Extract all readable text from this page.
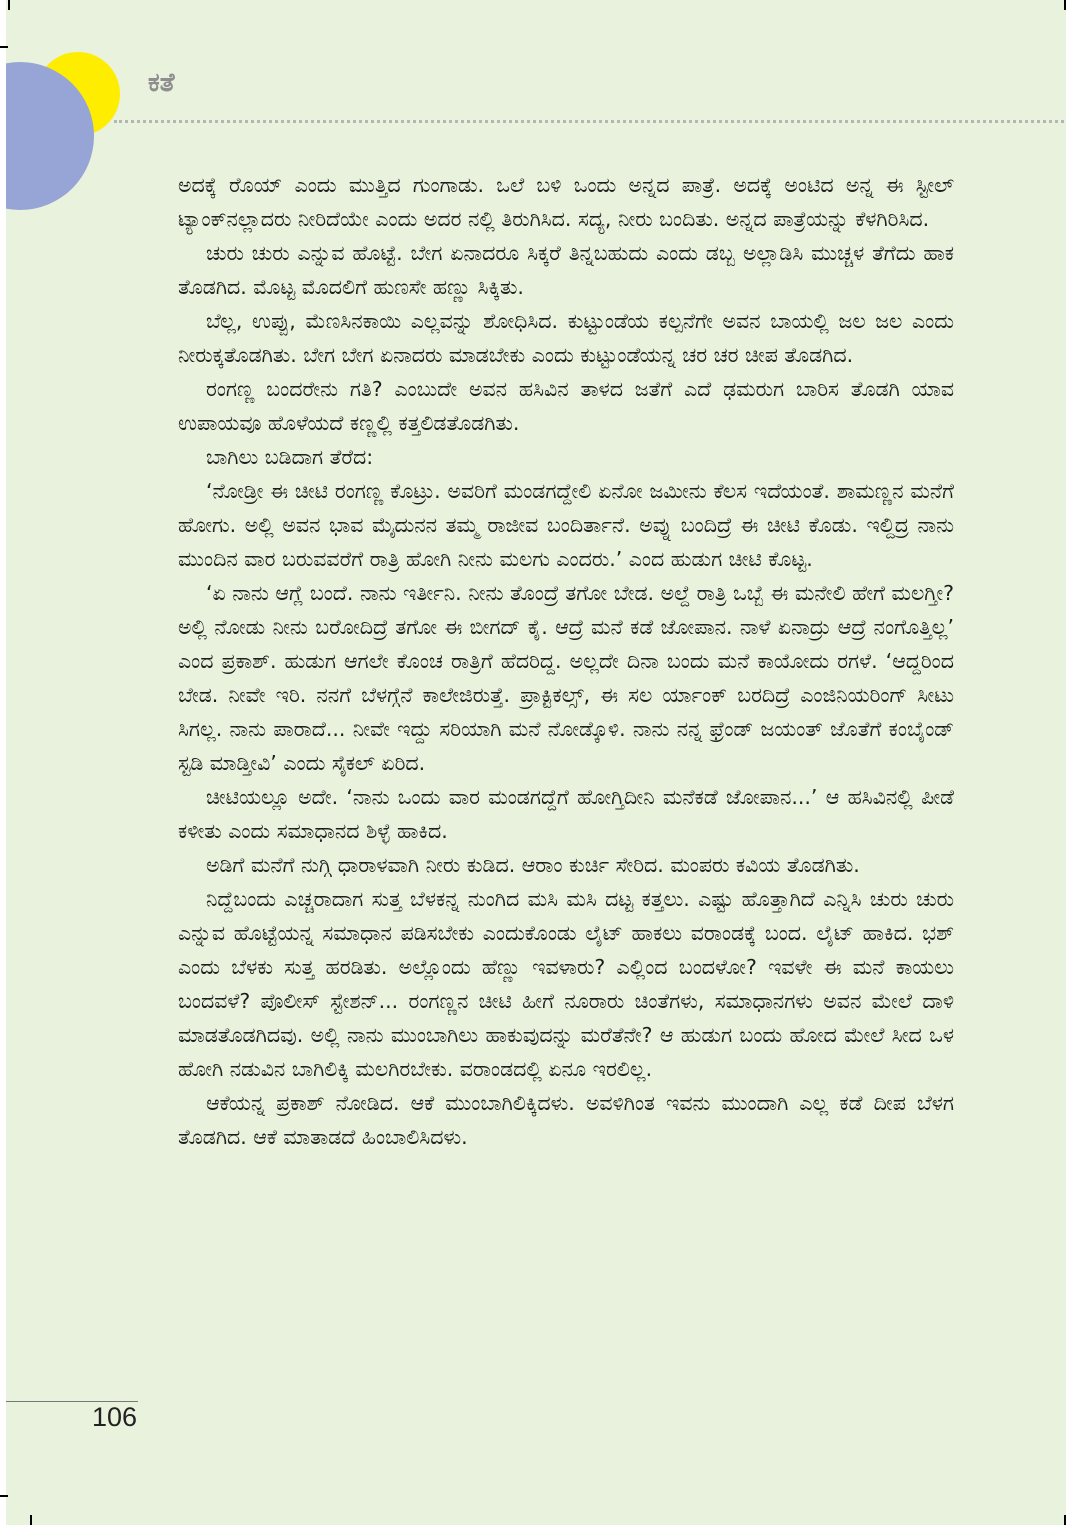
ಕತೆ

ಅದಕ್ಕೆ ರೊಯ್ ಎಂದು ಮುತ್ತಿದ ಗುಂಗಾಡು. ಒಲೆ ಬಳಿ ಒಂದು ಅನ್ನದ ಪಾತ್ರೆ. ಅದಕ್ಕೆ ಅಂಟಿದ ಅನ್ನ ಈ ಸ್ಟೀಲ್ ಟ್ಯಾಂಕ್‌ನಲ್ಲಾದರು ನೀರಿದೆಯೇ ಎಂದು ಅದರ ನಲ್ಲಿ ತಿರುಗಿಸಿದ. ಸದ್ಯ, ನೀರು ಬಂದಿತು. ಅನ್ನದ ಪಾತ್ರೆಯನ್ನು ಕೆಳಗಿರಿಸಿದ.

ಚುರು ಚುರು ಎನ್ನುವ ಹೊಟ್ಟೆ. ಬೇಗ ಏನಾದರೂ ಸಿಕ್ಕರೆ ತಿನ್ನಬಹುದು ಎಂದು ಡಬ್ಬ ಅಲ್ಲಾಡಿಸಿ ಮುಚ್ಚಳ ತೆಗೆದು ಹಾಕ ತೊಡಗಿದ. ಮೊಟ್ಟ ಮೊದಲಿಗೆ ಹುಣಸೇ ಹಣ್ಣು ಸಿಕ್ಕಿತು.

ಬೆಲ್ಲ, ಉಪ್ಪು, ಮೆಣಸಿನಕಾಯಿ ಎಲ್ಲವನ್ನು ಶೋಧಿಸಿದ. ಕುಟ್ಟುಂಡೆಯ ಕಲ್ಪನೆಗೇ ಅವನ ಬಾಯಲ್ಲಿ ಜಲ ಜಲ ಎಂದು ನೀರುಕ್ಕತೊಡಗಿತು. ಬೇಗ ಬೇಗ ಏನಾದರು ಮಾಡಬೇಕು ಎಂದು ಕುಟ್ಟುಂಡೆಯನ್ನ ಚರ ಚರ ಚೀಪ ತೊಡಗಿದ.

ರಂಗಣ್ಣ ಬಂದರೇನು ಗತಿ? ಎಂಬುದೇ ಅವನ ಹಸಿವಿನ ತಾಳದ ಜತೆಗೆ ಎದೆ ಢಮರುಗ ಬಾರಿಸ ತೊಡಗಿ ಯಾವ ಉಪಾಯವೂ ಹೊಳೆಯದೆ ಕಣ್ಣಲ್ಲಿ ಕತ್ತಲಿಡತೊಡಗಿತು.

ಬಾಗಿಲು ಬಡಿದಾಗ ತೆರೆದ:

‘ನೋಡ್ರೀ ಈ ಚೀಟಿ ರಂಗಣ್ಣ ಕೊಟ್ರು. ಅವರಿಗೆ ಮಂಡಗದ್ದೇಲಿ ಏನೋ ಜಮೀನು ಕೆಲಸ ಇದೆಯಂತೆ. ಶಾಮಣ್ಣನ ಮನೆಗೆ ಹೋಗು. ಅಲ್ಲಿ ಅವನ ಭಾವ ಮೈದುನನ ತಮ್ಮ ರಾಜೀವ ಬಂದಿರ್ತಾನೆ. ಅವ್ನು ಬಂದಿದ್ರೆ ಈ ಚೀಟಿ ಕೊಡು. ಇಲ್ದಿದ್ರ ನಾನು ಮುಂದಿನ ವಾರ ಬರುವವರೆಗೆ ರಾತ್ರಿ ಹೋಗಿ ನೀನು ಮಲಗು ಎಂದರು.’ ಎಂದ ಹುಡುಗ ಚೀಟಿ ಕೊಟ್ಟ.

‘ಏ ನಾನು ಆಗ್ಲೆ ಬಂದೆ. ನಾನು ಇರ್ತೀನಿ. ನೀನು ತೊಂದ್ರೆ ತಗೋ ಬೇಡ. ಅಲ್ದೆ ರಾತ್ರಿ ಒಬ್ಬೆ ಈ ಮನೇಲಿ ಹೇಗೆ ಮಲಗ್ತೀ? ಅಲ್ಲಿ ನೋಡು ನೀನು ಬರೋದಿದ್ರೆ ತಗೋ ಈ ಬೀಗದ್ ಕೈ. ಆದ್ರೆ ಮನೆ ಕಡೆ ಜೋಪಾನ. ನಾಳೆ ಏನಾದ್ರು ಆದ್ರೆ ನಂಗೊತ್ತಿಲ್ಲ’ ಎಂದ ಪ್ರಕಾಶ್. ಹುಡುಗ ಆಗಲೇ ಕೊಂಚ ರಾತ್ರಿಗೆ ಹೆದರಿದ್ದ. ಅಲ್ಲದೇ ದಿನಾ ಬಂದು ಮನೆ ಕಾಯೋದು ರಗಳೆ. ‘ಆದ್ದರಿಂದ ಬೇಡ. ನೀವೇ ಇರಿ. ನನಗೆ ಬೆಳಗ್ಗೆನೆ ಕಾಲೇಜಿರುತ್ತೆ. ಪ್ರಾಕ್ಟಿಕಲ್ಸ್, ಈ ಸಲ ರ್ಯಾಂಕ್ ಬರದಿದ್ರೆ ಎಂಜಿನಿಯರಿಂಗ್ ಸೀಟು ಸಿಗಲ್ಲ. ನಾನು ಪಾರಾದೆ... ನೀವೇ ಇದ್ದು ಸರಿಯಾಗಿ ಮನೆ ನೋಡ್ಕೊಳಿ. ನಾನು ನನ್ನ ಫ್ರೆಂಡ್ ಜಯಂತ್ ಜೊತೆಗೆ ಕಂಬೈಂಡ್ ಸ್ಟಡಿ ಮಾಡ್ತೀವಿ’ ಎಂದು ಸೈಕಲ್ ಏರಿದ.

ಚೀಟಿಯಲ್ಲೂ ಅದೇ. ‘ನಾನು ಒಂದು ವಾರ ಮಂಡಗದ್ದೆಗೆ ಹೋಗ್ತಿದೀನಿ ಮನೆಕಡೆ ಜೋಪಾನ...’ ಆ ಹಸಿವಿನಲ್ಲಿ ಪೀಡೆ ಕಳೀತು ಎಂದು ಸಮಾಧಾನದ ಶಿಳ್ಳೆ ಹಾಕಿದ.

ಅಡಿಗೆ ಮನೆಗೆ ನುಗ್ಗಿ ಧಾರಾಳವಾಗಿ ನೀರು ಕುಡಿದ. ಆರಾಂ ಕುರ್ಚಿ ಸೇರಿದ. ಮಂಪರು ಕವಿಯ ತೊಡಗಿತು.

ನಿದ್ದೆಬಂದು ಎಚ್ಚರಾದಾಗ ಸುತ್ತ ಬೆಳಕನ್ನ ನುಂಗಿದ ಮಸಿ ಮಸಿ ದಟ್ಟ ಕತ್ತಲು. ಎಷ್ಟು ಹೊತ್ತಾಗಿದೆ ಎನ್ನಿಸಿ ಚುರು ಚುರು ಎನ್ನುವ ಹೊಟ್ಟೆಯನ್ನ ಸಮಾಧಾನ ಪಡಿಸಬೇಕು ಎಂದುಕೊಂಡು ಲೈಟ್ ಹಾಕಲು ವರಾಂಡಕ್ಕೆ ಬಂದ. ಲೈಟ್ ಹಾಕಿದ. ಭಶ್ ಎಂದು ಬೆಳಕು ಸುತ್ತ ಹರಡಿತು. ಅಲ್ಲೊಂದು ಹೆಣ್ಣು ಇವಳಾರು? ಎಲ್ಲಿಂದ ಬಂದಳೋ? ಇವಳೇ ಈ ಮನೆ ಕಾಯಲು ಬಂದವಳೆ? ಪೊಲೀಸ್ ಸ್ಟೇಶನ್... ರಂಗಣ್ಣನ ಚೀಟಿ ಹೀಗೆ ನೂರಾರು ಚಿಂತೆಗಳು, ಸಮಾಧಾನಗಳು ಅವನ ಮೇಲೆ ದಾಳಿ ಮಾಡತೊಡಗಿದವು. ಅಲ್ಲಿ ನಾನು ಮುಂಬಾಗಿಲು ಹಾಕುವುದನ್ನು ಮರೆತೆನೇ? ಆ ಹುಡುಗ ಬಂದು ಹೋದ ಮೇಲೆ ಸೀದ ಒಳ ಹೋಗಿ ನಡುವಿನ ಬಾಗಿಲಿಕ್ಕಿ ಮಲಗಿರಬೇಕು. ವರಾಂಡದಲ್ಲಿ ಏನೂ ಇರಲಿಲ್ಲ.

ಆಕೆಯನ್ನ ಪ್ರಕಾಶ್ ನೋಡಿದ. ಆಕೆ ಮುಂಬಾಗಿಲಿಕ್ಕಿದಳು. ಅವಳಿಗಿಂತ ಇವನು ಮುಂದಾಗಿ ಎಲ್ಲ ಕಡೆ ದೀಪ ಬೆಳಗ ತೊಡಗಿದ. ಆಕೆ ಮಾತಾಡದೆ ಹಿಂಬಾಲಿಸಿದಳು.

106
